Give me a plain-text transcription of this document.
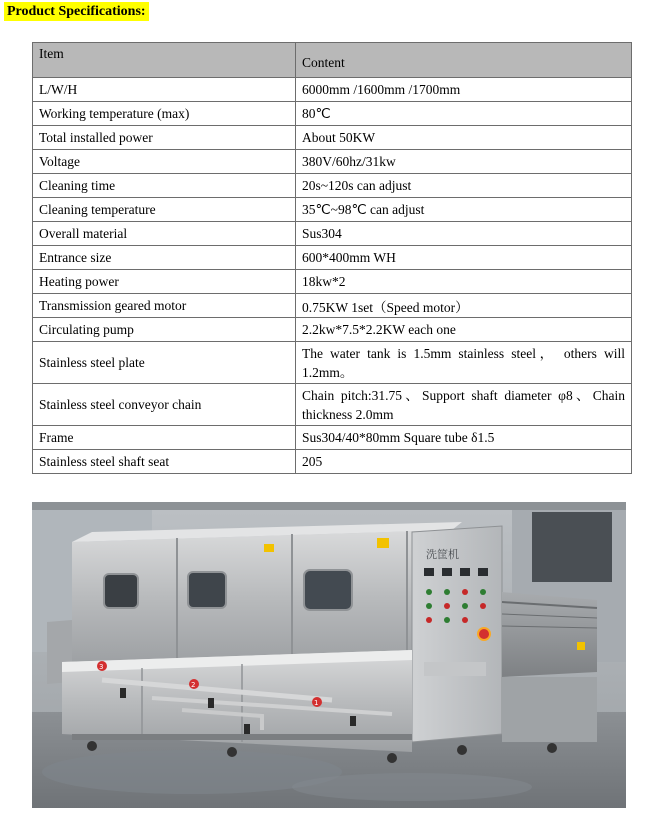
Product Specifications:
Item	Content
L/W/H	6000mm /1600mm /1700mm
Working temperature (max)	80℃
Total installed power	About 50KW
Voltage	380V/60hz/31kw
Cleaning time	20s~120s can adjust
Cleaning temperature	35℃~98℃ can adjust
Overall material	Sus304
Entrance size	600*400mm WH
Heating power	18kw*2
Transmission geared motor	0.75KW 1set（Speed motor）
Circulating pump	2.2kw*7.5*2.2KW each one
Stainless steel plate	The water tank is 1.5mm stainless steel， others will 1.2mm。
Stainless steel conveyor chain	Chain pitch:31.75、Support shaft diameter φ8、Chain thickness 2.0mm
Frame	Sus304/40*80mm Square tube δ1.5
Stainless steel shaft seat	205
洗筐机
3
2
1
